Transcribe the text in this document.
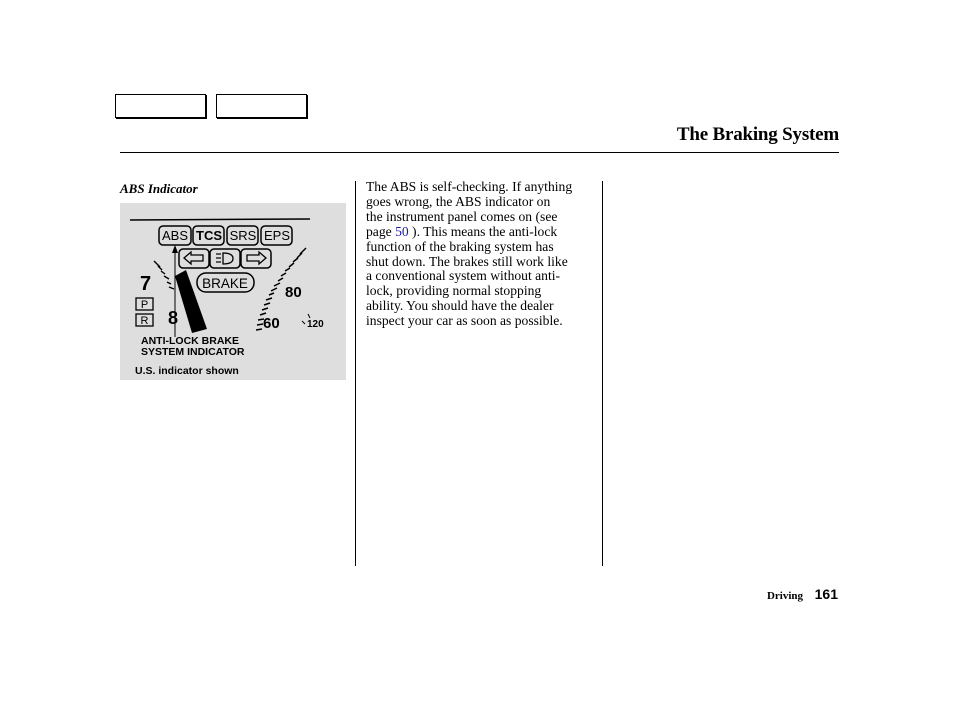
The Braking System
ABS Indicator
ABS TCS SRS EPS
BRAKE
7
8
P
R
80
60	120
ANTI-LOCK BRAKE
SYSTEM INDICATOR
U.S. indicator shown
The ABS is self-checking. If anything
goes wrong, the ABS indicator on
the instrument panel comes on (see
page 50 ). This means the anti-lock
function of the braking system has
shut down. The brakes still work like
a conventional system without anti-
lock, providing normal stopping
ability. You should have the dealer
inspect your car as soon as possible.
Driving 161
